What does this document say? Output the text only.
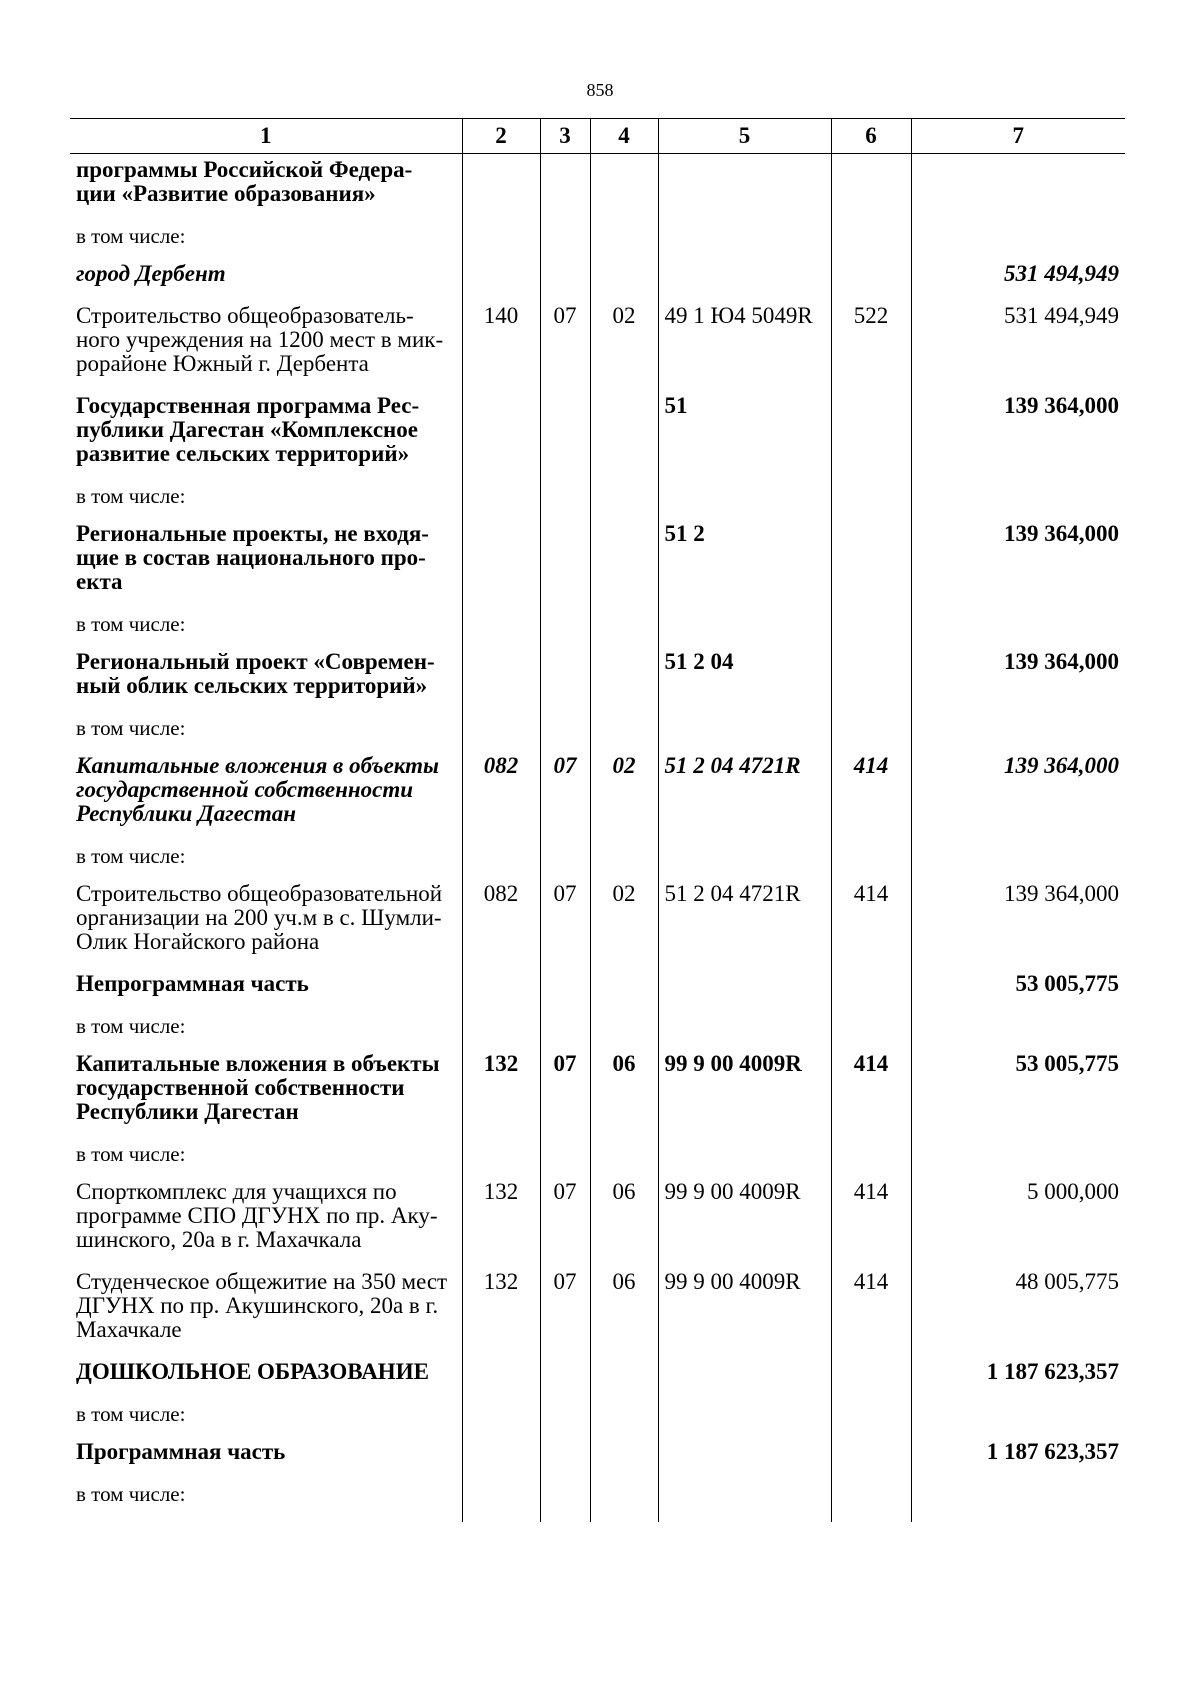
858
1	2	3	4	5	6	7
программы Российской Федера- ции «Развитие образования»						
в том числе:						
город Дербент						531 494,949
Строительство общеобразователь- ного учреждения на 1200 мест в мик- рорайоне Южный г. Дербента	140	07	02	49 1 Ю4 5049R	522	531 494,949
Государственная программа Рес- публики Дагестан «Комплексное развитие сельских территорий»				51		139 364,000
в том числе:						
Региональные проекты, не входя- щие в состав национального про- екта				51 2		139 364,000
в том числе:						
Региональный проект «Современ- ный облик сельских территорий»				51 2 04		139 364,000
в том числе:						
Капитальные вложения в объекты государственной собственности Республики Дагестан	082	07	02	51 2 04 4721R	414	139 364,000
в том числе:						
Строительство общеобразовательной организации на 200 уч.м в с. Шумли- Олик Ногайского района	082	07	02	51 2 04 4721R	414	139 364,000
Непрограммная часть						53 005,775
в том числе:						
Капитальные вложения в объекты государственной собственности Республики Дагестан	132	07	06	99 9 00 4009R	414	53 005,775
в том числе:						
Спорткомплекс для учащихся по программе СПО ДГУНХ по пр. Аку- шинского, 20а в г. Махачкала	132	07	06	99 9 00 4009R	414	5 000,000
Студенческое общежитие на 350 мест ДГУНХ по пр. Акушинского, 20а в г. Махачкале	132	07	06	99 9 00 4009R	414	48 005,775
ДОШКОЛЬНОЕ ОБРАЗОВАНИЕ						1 187 623,357
в том числе:						
Программная часть						1 187 623,357
в том числе:						
